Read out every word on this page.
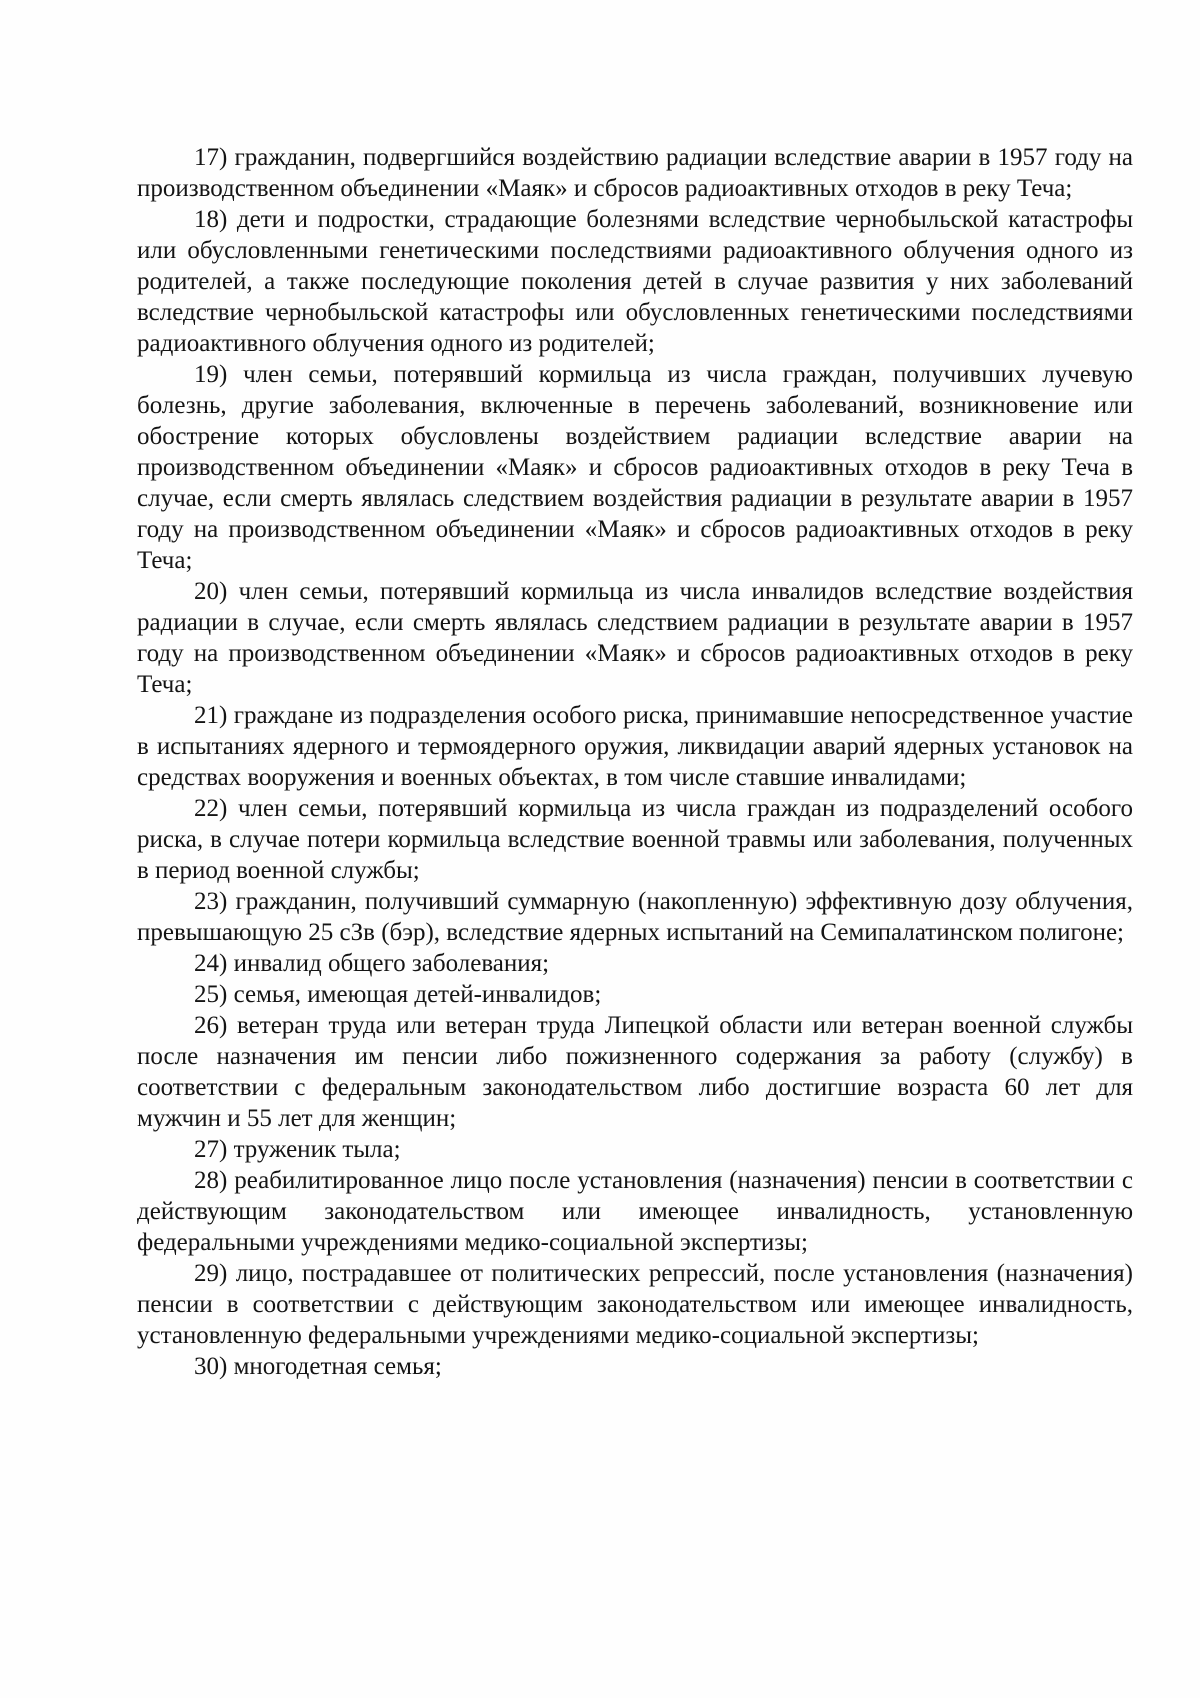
17) гражданин, подвергшийся воздействию радиации вследствие аварии в 1957 году на производственном объединении «Маяк» и сбросов радиоактивных отходов в реку Теча;

18) дети и подростки, страдающие болезнями вследствие чернобыльской катастрофы или обусловленными генетическими последствиями радиоактивного облучения одного из родителей, а также последующие поколения детей в случае развития у них заболеваний вследствие чернобыльской катастрофы или обусловленных генетическими последствиями радиоактивного облучения одного из родителей;

19) член семьи, потерявший кормильца из числа граждан, получивших лучевую болезнь, другие заболевания, включенные в перечень заболеваний, возникновение или обострение которых обусловлены воздействием радиации вследствие аварии на производственном объединении «Маяк» и сбросов радиоактивных отходов в реку Теча в случае, если смерть являлась следствием воздействия радиации в результате аварии в 1957 году на производственном объединении «Маяк» и сбросов радиоактивных отходов в реку Теча;

20) член семьи, потерявший кормильца из числа инвалидов вследствие воздействия радиации в случае, если смерть являлась следствием радиации в результате аварии в 1957 году на производственном объединении «Маяк» и сбросов радиоактивных отходов в реку Теча;

21) граждане из подразделения особого риска, принимавшие непосредственное участие в испытаниях ядерного и термоядерного оружия, ликвидации аварий ядерных установок на средствах вооружения и военных объектах, в том числе ставшие инвалидами;

22) член семьи, потерявший кормильца из числа граждан из подразделений особого риска, в случае потери кормильца вследствие военной травмы или заболевания, полученных в период военной службы;

23) гражданин, получивший суммарную (накопленную) эффективную дозу облучения, превышающую 25 сЗв (бэр), вследствие ядерных испытаний на Семипалатинском полигоне;

24) инвалид общего заболевания;

25) семья, имеющая детей-инвалидов;

26) ветеран труда или ветеран труда Липецкой области или ветеран военной службы после назначения им пенсии либо пожизненного содержания за работу (службу) в соответствии с федеральным законодательством либо достигшие возраста 60 лет для мужчин и 55 лет для женщин;

27) труженик тыла;

28) реабилитированное лицо после установления (назначения) пенсии в соответствии с действующим законодательством или имеющее инвалидность, установленную федеральными учреждениями медико-социальной экспертизы;

29) лицо, пострадавшее от политических репрессий, после установления (назначения) пенсии в соответствии с действующим законодательством или имеющее инвалидность, установленную федеральными учреждениями медико-социальной экспертизы;

30) многодетная семья;
